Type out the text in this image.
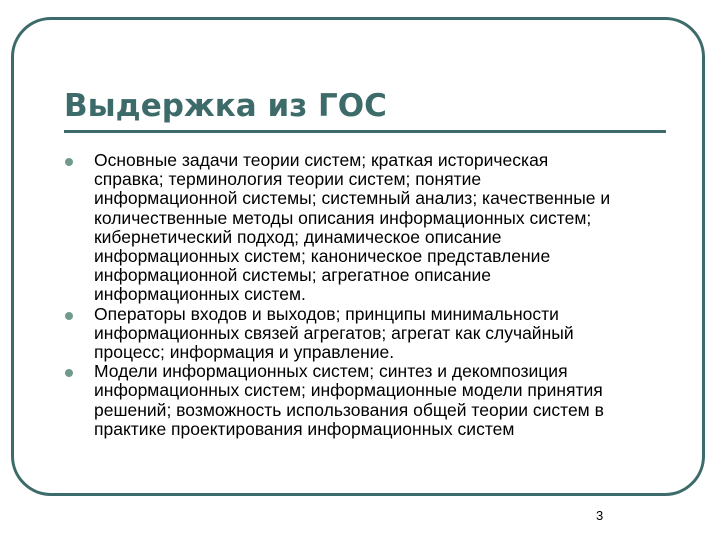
Выдержка из ГОС
Основные задачи теории систем; краткая историческая
справка; терминология теории систем; понятие
информационной системы; системный анализ; качественные и
количественные методы описания информационных систем;
кибернетический подход; динамическое описание
информационных систем; каноническое представление
информационной системы; агрегатное описание
информационных систем.
Операторы входов и выходов; принципы минимальности
информационных связей агрегатов; агрегат как случайный
процесс; информация и управление.
Модели информационных систем; синтез и декомпозиция
информационных систем; информационные модели принятия
решений; возможность использования общей теории систем в
практике проектирования информационных систем
3
